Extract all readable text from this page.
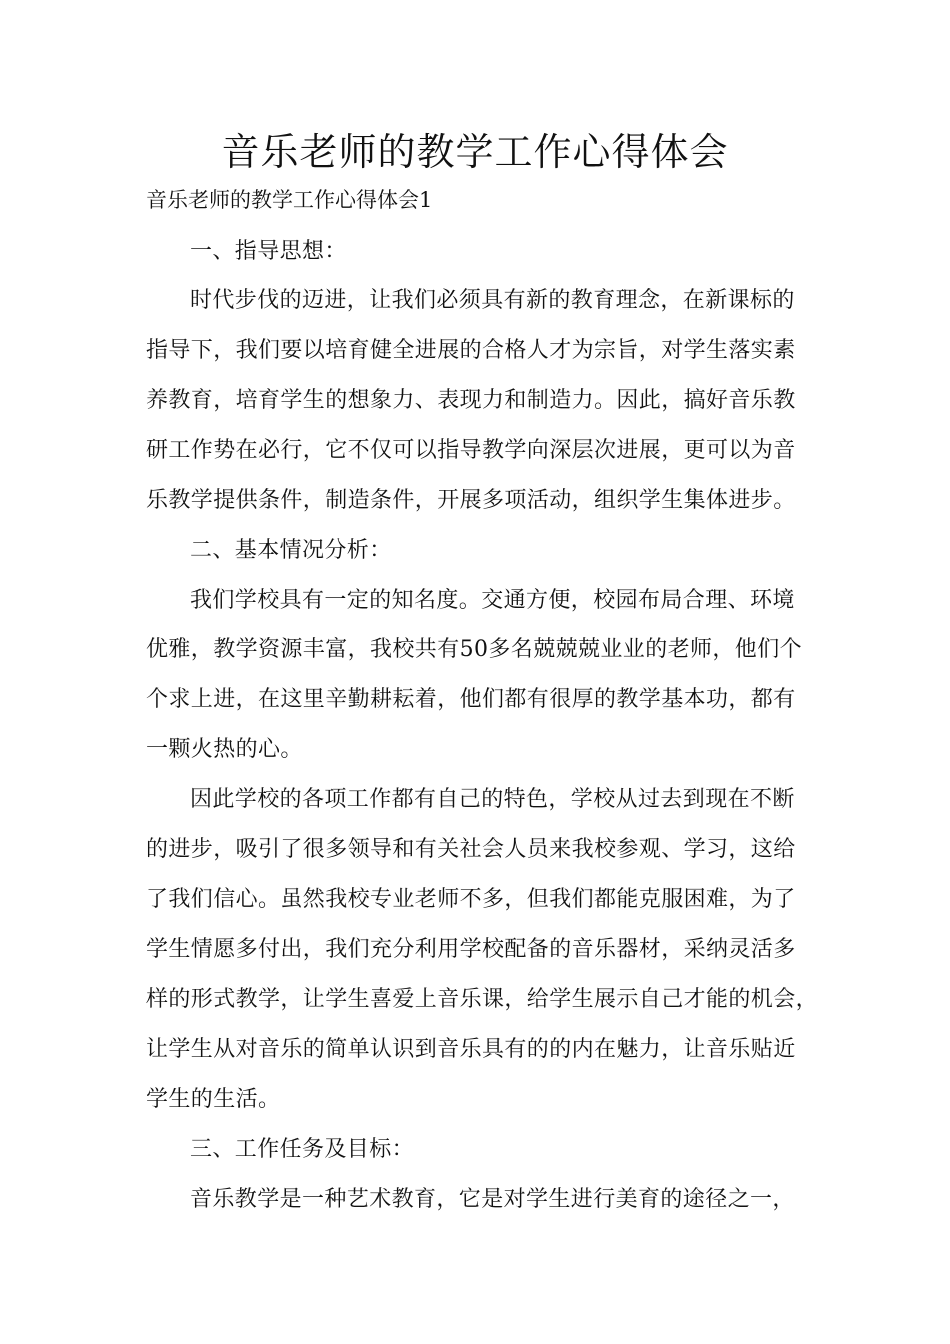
音乐老师的教学工作心得体会

音乐老师的教学工作心得体会1

一、指导思想：

时代步伐的迈进，让我们必须具有新的教育理念，在新课标的

指导下，我们要以培育健全进展的合格人才为宗旨，对学生落实素

养教育，培育学生的想象力、表现力和制造力。因此，搞好音乐教

研工作势在必行，它不仅可以指导教学向深层次进展，更可以为音

乐教学提供条件，制造条件，开展多项活动，组织学生集体进步。

二、基本情况分析：

我们学校具有一定的知名度。交通方便，校园布局合理、环境

优雅，教学资源丰富，我校共有50多名兢兢兢业业的老师，他们个

个求上进，在这里辛勤耕耘着，他们都有很厚的教学基本功，都有

一颗火热的心。

因此学校的各项工作都有自己的特色，学校从过去到现在不断

的进步，吸引了很多领导和有关社会人员来我校参观、学习，这给

了我们信心。虽然我校专业老师不多，但我们都能克服困难，为了

学生情愿多付出，我们充分利用学校配备的音乐器材，采纳灵活多

样的形式教学，让学生喜爱上音乐课，给学生展示自己才能的机会，

让学生从对音乐的简单认识到音乐具有的的内在魅力，让音乐贴近

学生的生活。

三、工作任务及目标：

音乐教学是一种艺术教育，它是对学生进行美育的途径之一，
